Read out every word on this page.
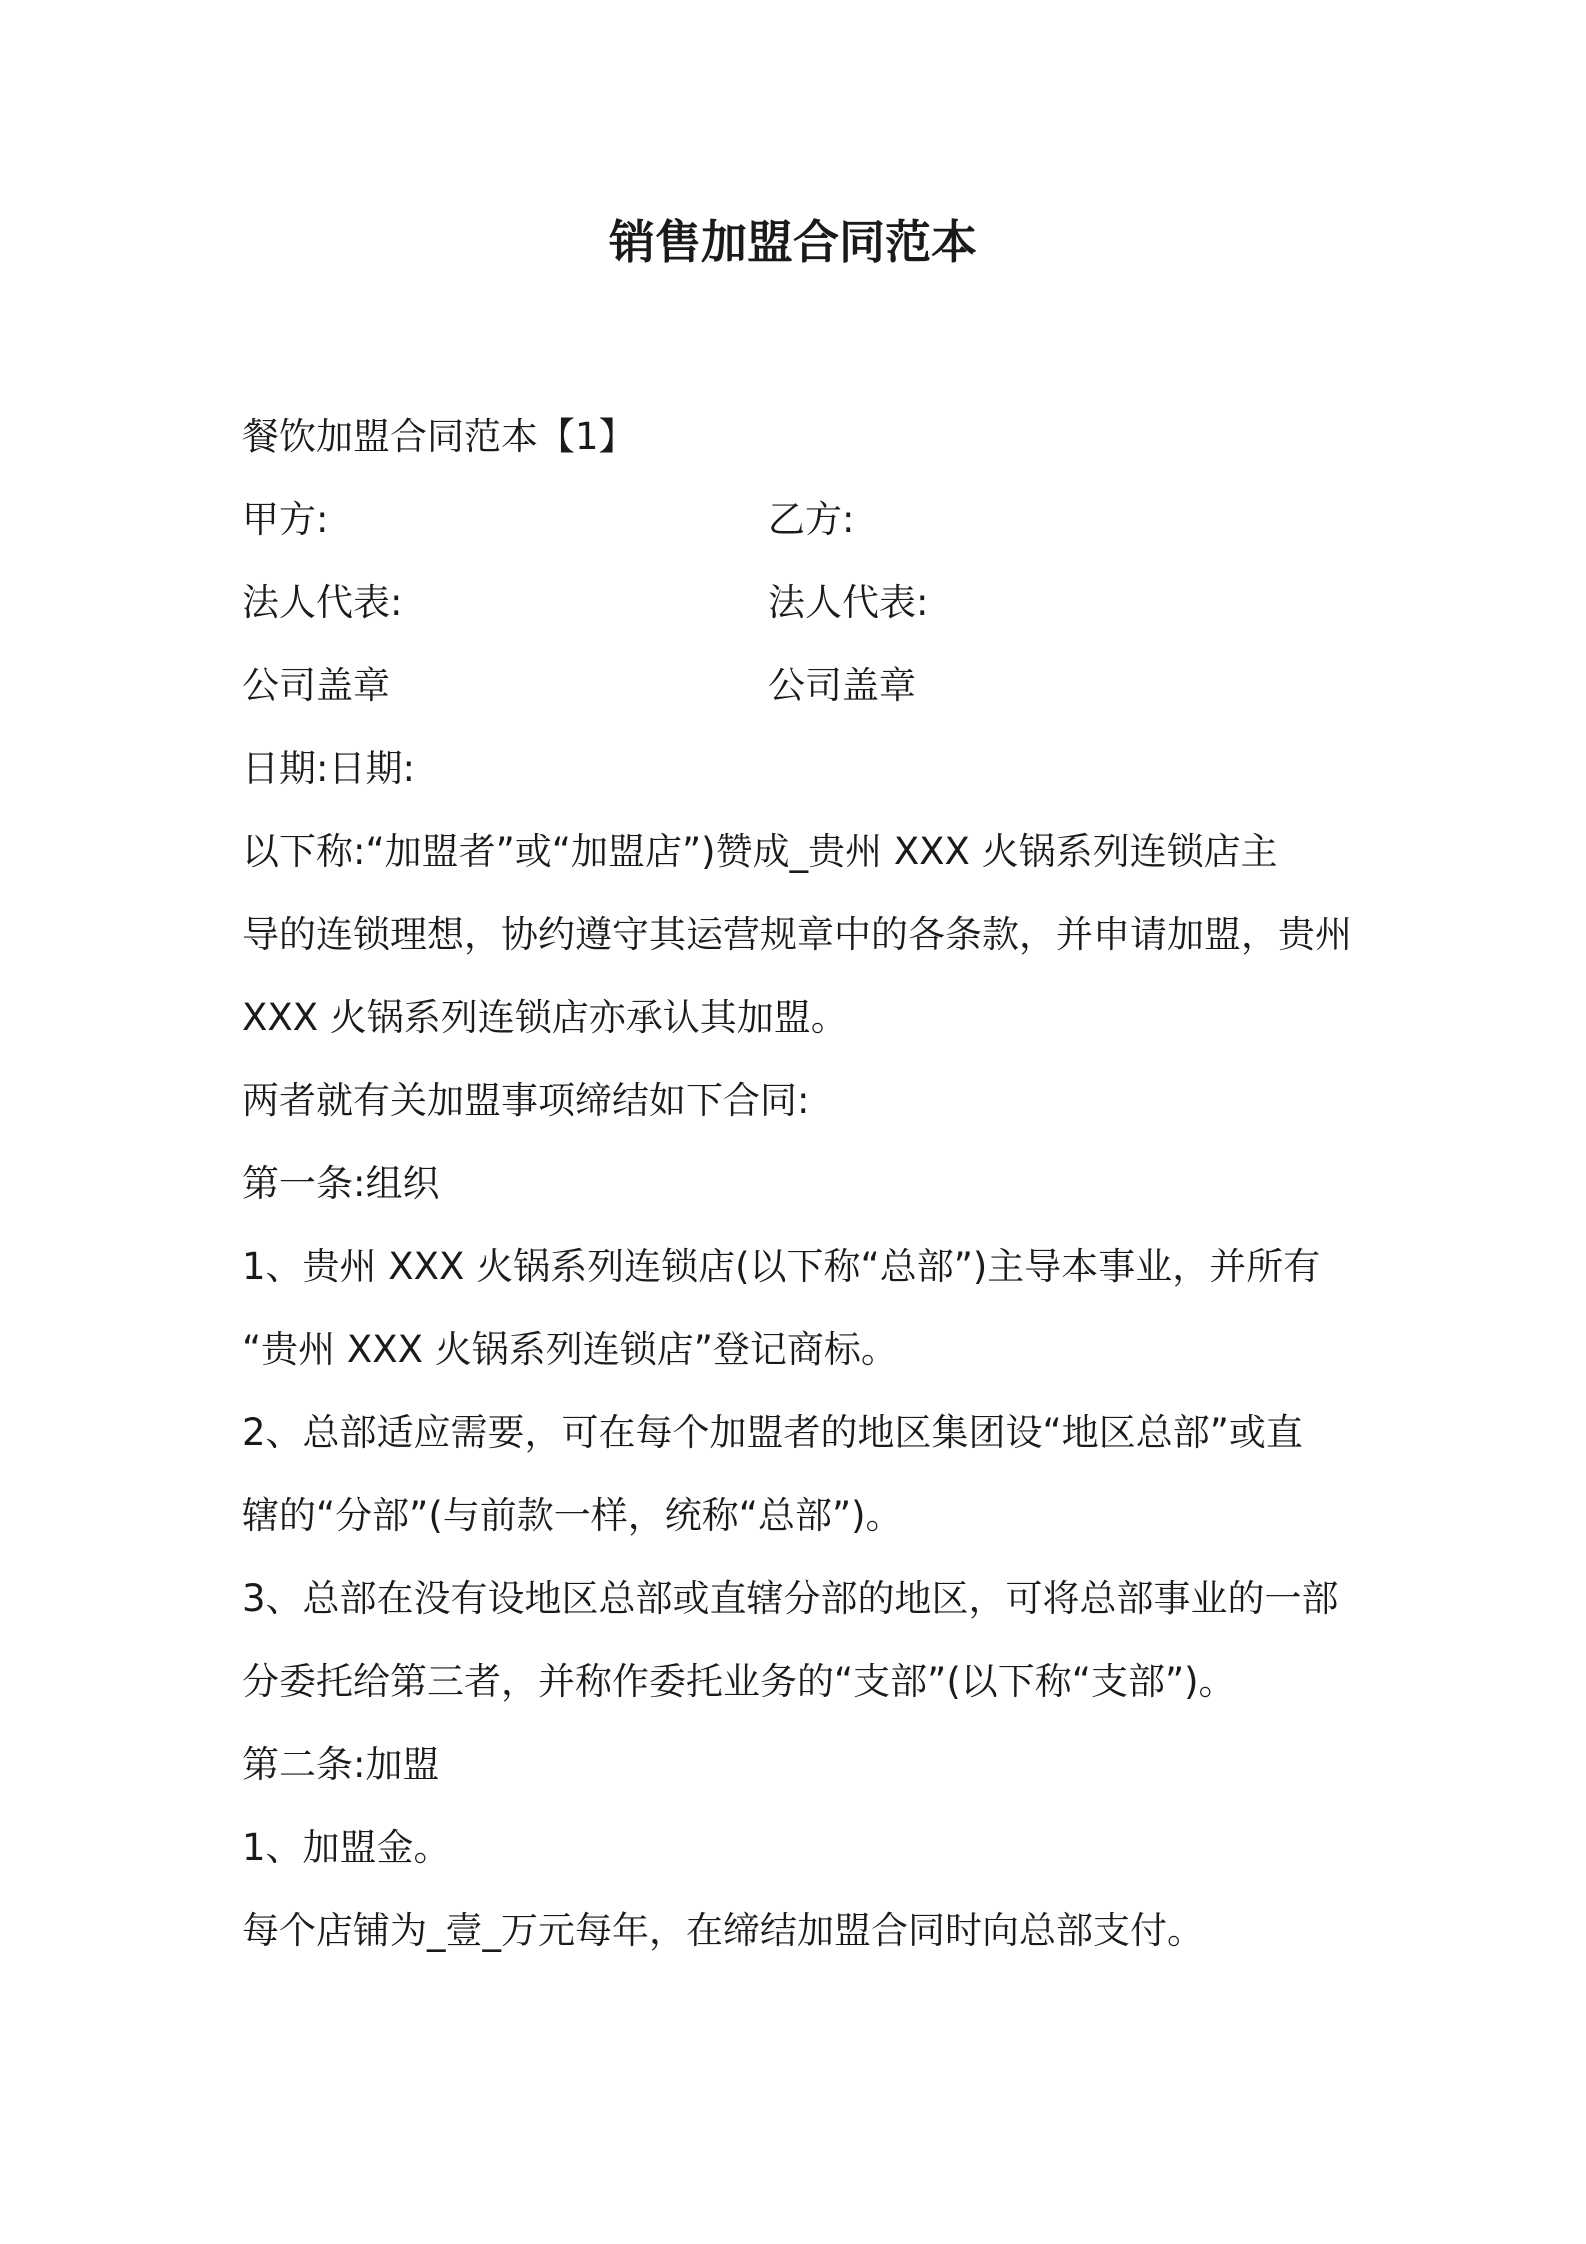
销售加盟合同范本
餐饮加盟合同范本【1】
甲方:	乙方:
法人代表:	法人代表:
公司盖章	公司盖章
日期:日期:
以下称:“加盟者”或“加盟店”)赞成_贵州 XXX 火锅系列连锁店主
导的连锁理想，协约遵守其运营规章中的各条款，并申请加盟，贵州
XXX 火锅系列连锁店亦承认其加盟。
两者就有关加盟事项缔结如下合同:
第一条:组织
1、贵州 XXX 火锅系列连锁店(以下称“总部”)主导本事业，并所有
“贵州 XXX 火锅系列连锁店”登记商标。
2、总部适应需要，可在每个加盟者的地区集团设“地区总部”或直
辖的“分部”(与前款一样，统称“总部”)。
3、总部在没有设地区总部或直辖分部的地区，可将总部事业的一部
分委托给第三者，并称作委托业务的“支部”(以下称“支部”)。
第二条:加盟
1、加盟金。
每个店铺为_壹_万元每年，在缔结加盟合同时向总部支付。
